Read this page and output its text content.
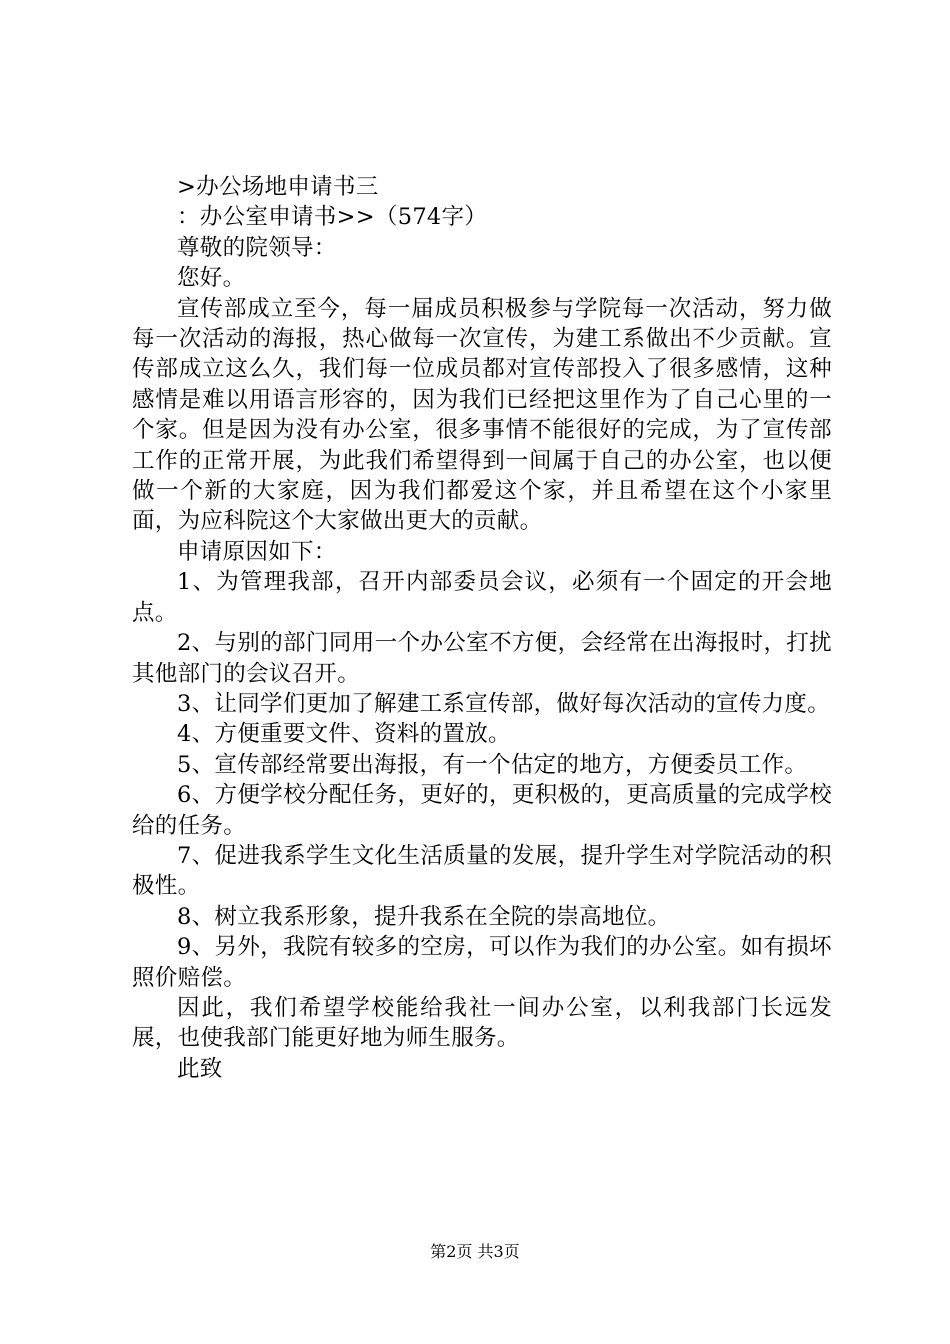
>办公场地申请书三

：办公室申请书>>（574字）

尊敬的院领导：

您好。

宣传部成立至今，每一届成员积极参与学院每一次活动，努力做每一次活动的海报，热心做每一次宣传，为建工系做出不少贡献。宣传部成立这么久，我们每一位成员都对宣传部投入了很多感情，这种感情是难以用语言形容的，因为我们已经把这里作为了自己心里的一个家。但是因为没有办公室，很多事情不能很好的完成，为了宣传部工作的正常开展，为此我们希望得到一间属于自己的办公室，也以便做一个新的大家庭，因为我们都爱这个家，并且希望在这个小家里面，为应科院这个大家做出更大的贡献。

申请原因如下：

1、为管理我部，召开内部委员会议，必须有一个固定的开会地点。

2、与别的部门同用一个办公室不方便，会经常在出海报时，打扰其他部门的会议召开。

3、让同学们更加了解建工系宣传部，做好每次活动的宣传力度。

4、方便重要文件、资料的置放。

5、宣传部经常要出海报，有一个估定的地方，方便委员工作。

6、方便学校分配任务，更好的，更积极的，更高质量的完成学校给的任务。

7、促进我系学生文化生活质量的发展，提升学生对学院活动的积极性。

8、树立我系形象，提升我系在全院的崇高地位。

9、另外，我院有较多的空房，可以作为我们的办公室。如有损坏照价赔偿。

因此，我们希望学校能给我社一间办公室，以利我部门长远发展，也使我部门能更好地为师生服务。

此致

第2页 共3页
